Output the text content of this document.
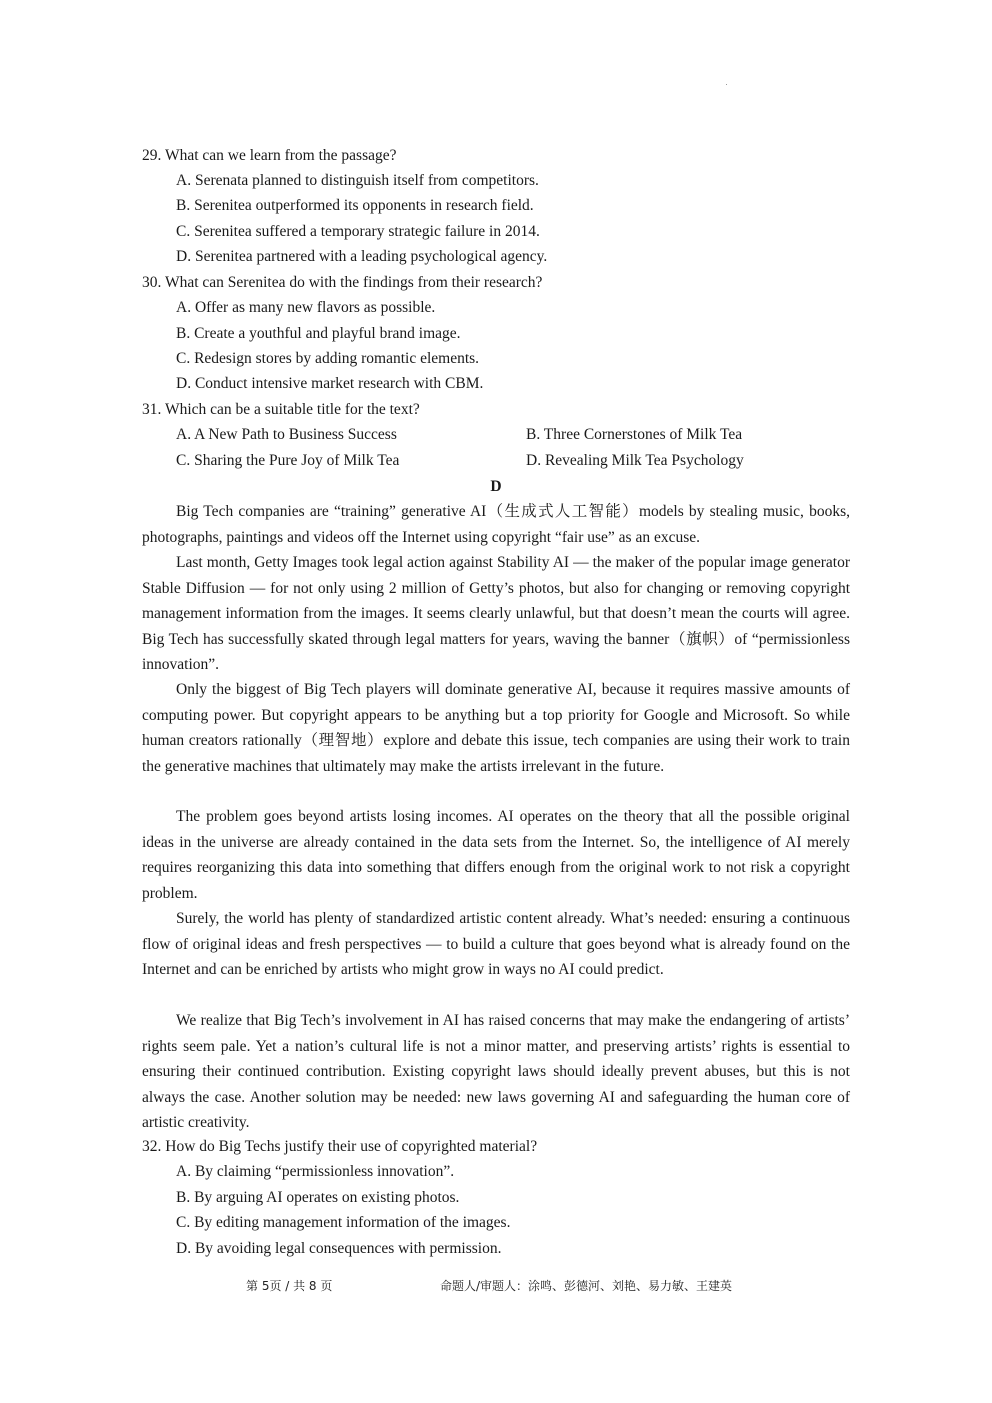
29. What can we learn from the passage?
A. Serenata planned to distinguish itself from competitors.
B. Serenitea outperformed its opponents in research field.
C. Serenitea suffered a temporary strategic failure in 2014.
D. Serenitea partnered with a leading psychological agency.
30. What can Serenitea do with the findings from their research?
A. Offer as many new flavors as possible.
B. Create a youthful and playful brand image.
C. Redesign stores by adding romantic elements.
D. Conduct intensive market research with CBM.
31. Which can be a suitable title for the text?
A. A New Path to Business Success	B. Three Cornerstones of Milk Tea
C. Sharing the Pure Joy of Milk Tea	D. Revealing Milk Tea Psychology
D

Big Tech companies are “training” generative AI（生成式人工智能）models by stealing music, books, photographs, paintings and videos off the Internet using copyright “fair use” as an excuse.

Last month, Getty Images took legal action against Stability AI — the maker of the popular image generator Stable Diffusion — for not only using 2 million of Getty’s photos, but also for changing or removing copyright management information from the images. It seems clearly unlawful, but that doesn’t mean the courts will agree. Big Tech has successfully skated through legal matters for years, waving the banner（旗帜）of “permissionless innovation”.

Only the biggest of Big Tech players will dominate generative AI, because it requires massive amounts of computing power. But copyright appears to be anything but a top priority for Google and Microsoft. So while human creators rationally（理智地）explore and debate this issue, tech companies are using their work to train the generative machines that ultimately may make the artists irrelevant in the future.

The problem goes beyond artists losing incomes. AI operates on the theory that all the possible original ideas in the universe are already contained in the data sets from the Internet. So, the intelligence of AI merely requires reorganizing this data into something that differs enough from the original work to not risk a copyright problem.

Surely, the world has plenty of standardized artistic content already. What’s needed: ensuring a continuous flow of original ideas and fresh perspectives — to build a culture that goes beyond what is already found on the Internet and can be enriched by artists who might grow in ways no AI could predict.

We realize that Big Tech’s involvement in AI has raised concerns that may make the endangering of artists’ rights seem pale. Yet a nation’s cultural life is not a minor matter, and preserving artists’ rights is essential to ensuring their continued contribution. Existing copyright laws should ideally prevent abuses, but this is not always the case. Another solution may be needed: new laws governing AI and safeguarding the human core of artistic creativity.

32. How do Big Techs justify their use of copyrighted material?
A. By claiming “permissionless innovation”.
B. By arguing AI operates on existing photos.
C. By editing management information of the images.
D. By avoiding legal consequences with permission.
第 5页 / 共 8 页	命题人/审题人：涂鸣、彭德河、刘艳、易力敏、王建英
